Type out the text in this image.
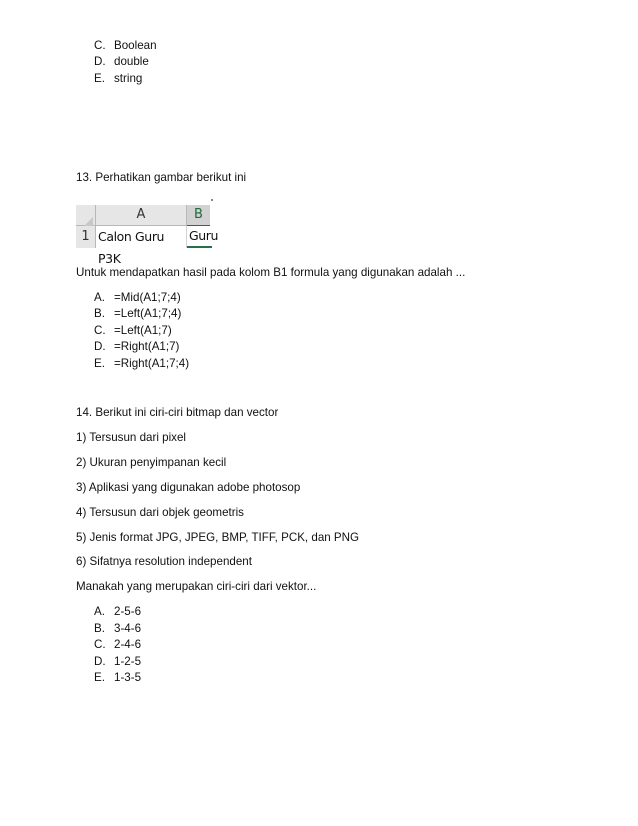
C. Boolean
D. double
E. string
13. Perhatikan gambar berikut ini
A	B
1 Calon Guru P3K
Guru
Untuk mendapatkan hasil pada kolom B1 formula yang digunakan adalah ...
A. =Mid(A1;7;4)
B. =Left(A1;7;4)
C. =Left(A1;7)
D. =Right(A1;7)
E. =Right(A1;7;4)
14. Berikut ini ciri-ciri bitmap dan vector
1) Tersusun dari pixel
2) Ukuran penyimpanan kecil
3) Aplikasi yang digunakan adobe photosop
4) Tersusun dari objek geometris
5) Jenis format JPG, JPEG, BMP, TIFF, PCK, dan PNG
6) Sifatnya resolution independent
Manakah yang merupakan ciri-ciri dari vektor...
A. 2-5-6
B. 3-4-6
C. 2-4-6
D. 1-2-5
E. 1-3-5
